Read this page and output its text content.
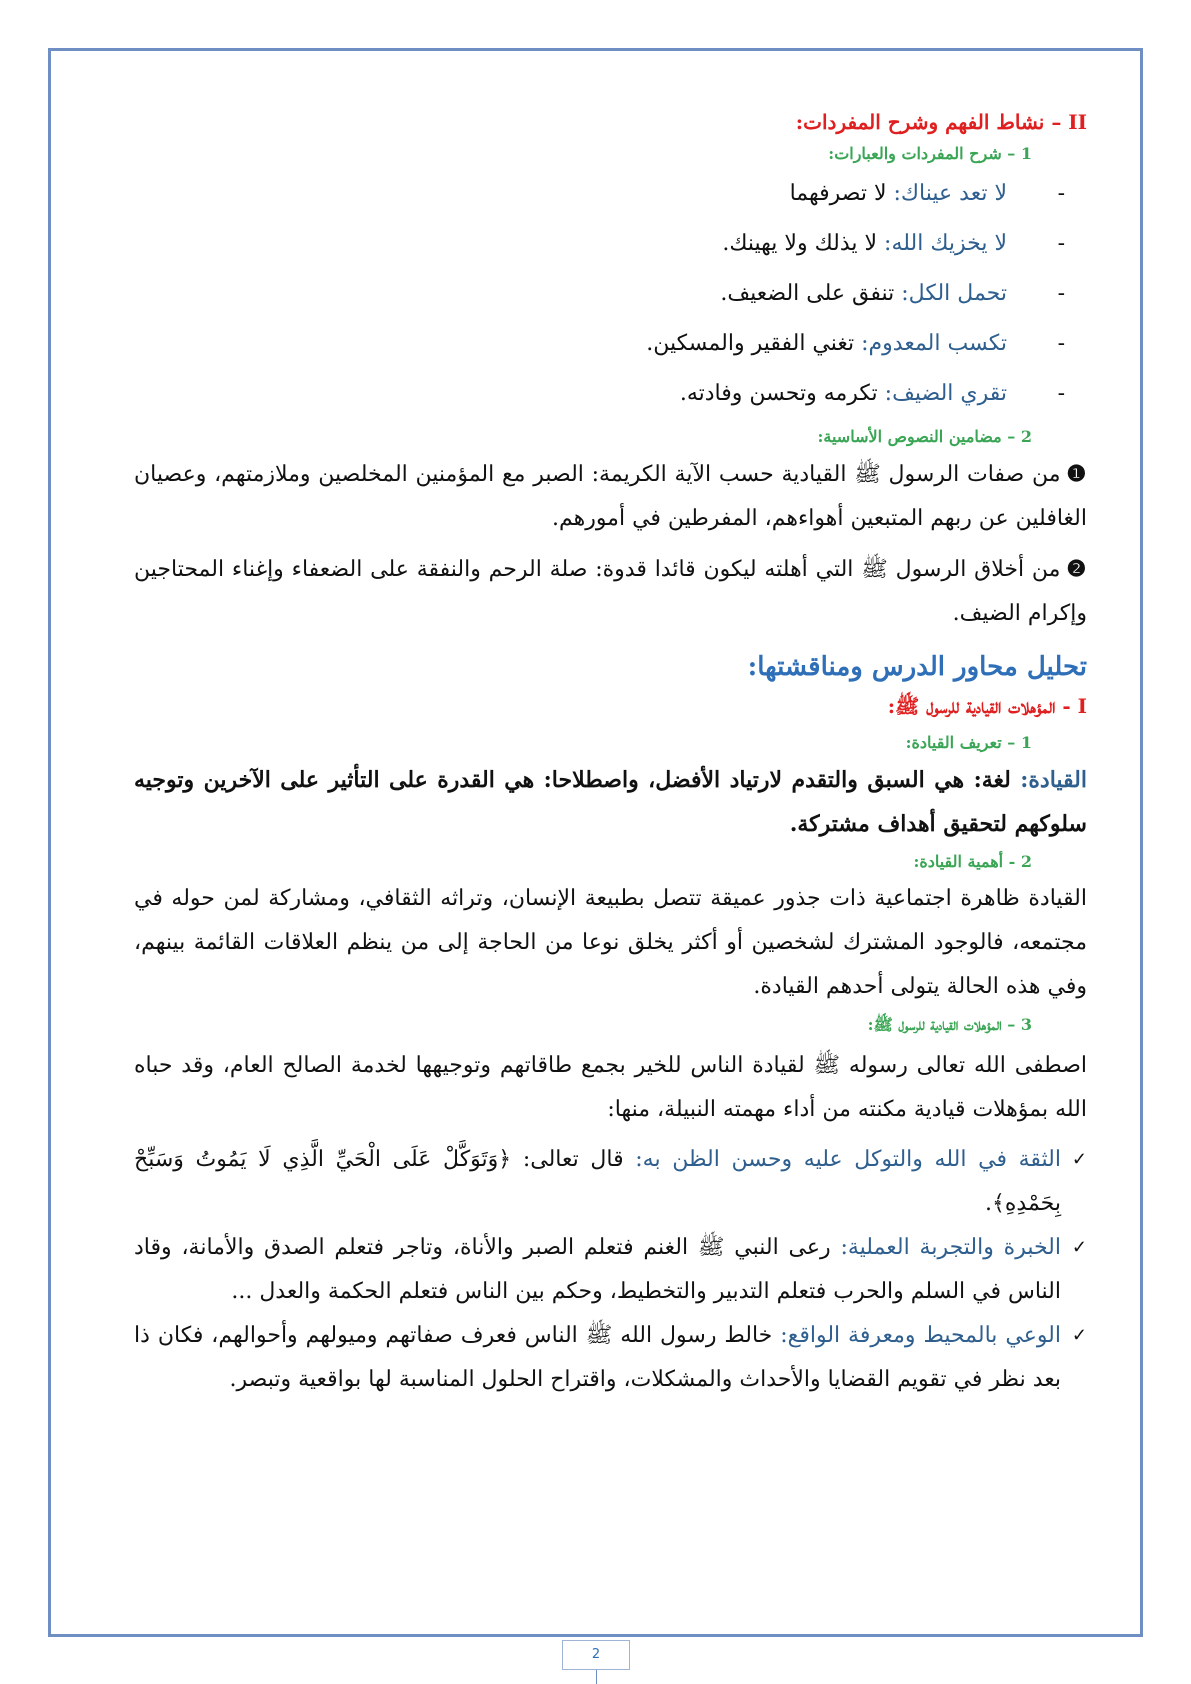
II – نشاط الفهم وشرح المفردات:
1 – شرح المفردات والعبارات:
- لا تعد عيناك: لا تصرفهما
- لا يخزيك الله: لا يذلك ولا يهينك.
- تحمل الكل: تنفق على الضعيف.
- تكسب المعدوم: تغني الفقير والمسكين.
- تقري الضيف: تكرمه وتحسن وفادته.
2 – مضامين النصوص الأساسية:

❶من صفات الرسول ﷺ القيادية حسب الآية الكريمة: الصبر مع المؤمنين المخلصين وملازمتهم، وعصيان الغافلين عن ربهم المتبعين أهواءهم، المفرطين في أمورهم.

❷من أخلاق الرسول ﷺ التي أهلته ليكون قائدا قدوة: صلة الرحم والنفقة على الضعفاء وإغناء المحتاجين وإكرام الضيف.

تحليل محاور الدرس ومناقشتها:
I - المؤهلات القيادية للرسول ﷺ:
1 – تعريف القيادة:

القيادة: لغة: هي السبق والتقدم لارتياد الأفضل، واصطلاحا: هي القدرة على التأثير على الآخرين وتوجيه سلوكهم لتحقيق أهداف مشتركة.

2 - أهمية القيادة:

القيادة ظاهرة اجتماعية ذات جذور عميقة تتصل بطبيعة الإنسان، وتراثه الثقافي، ومشاركة لمن حوله في مجتمعه، فالوجود المشترك لشخصين أو أكثر يخلق نوعا من الحاجة إلى من ينظم العلاقات القائمة بينهم، وفي هذه الحالة يتولى أحدهم القيادة.

3 – المؤهلات القيادية للرسول ﷺ:

اصطفى الله تعالى رسوله ﷺ لقيادة الناس للخير بجمع طاقاتهم وتوجيهها لخدمة الصالح العام، وقد حباه الله بمؤهلات قيادية مكنته من أداء مهمته النبيلة، منها:

✓ الثقة في الله والتوكل عليه وحسن الظن به: قال تعالى: ﴿وَتَوَكَّلْ عَلَى الْحَيِّ الَّذِي لَا يَمُوتُ وَسَبِّحْ بِحَمْدِهِ﴾.
✓ الخبرة والتجربة العملية: رعى النبي ﷺ الغنم فتعلم الصبر والأناة، وتاجر فتعلم الصدق والأمانة، وقاد الناس في السلم والحرب فتعلم التدبير والتخطيط، وحكم بين الناس فتعلم الحكمة والعدل ...
✓ الوعي بالمحيط ومعرفة الواقع: خالط رسول الله ﷺ الناس فعرف صفاتهم وميولهم وأحوالهم، فكان ذا بعد نظر في تقويم القضايا والأحداث والمشكلات، واقتراح الحلول المناسبة لها بواقعية وتبصر.
2
